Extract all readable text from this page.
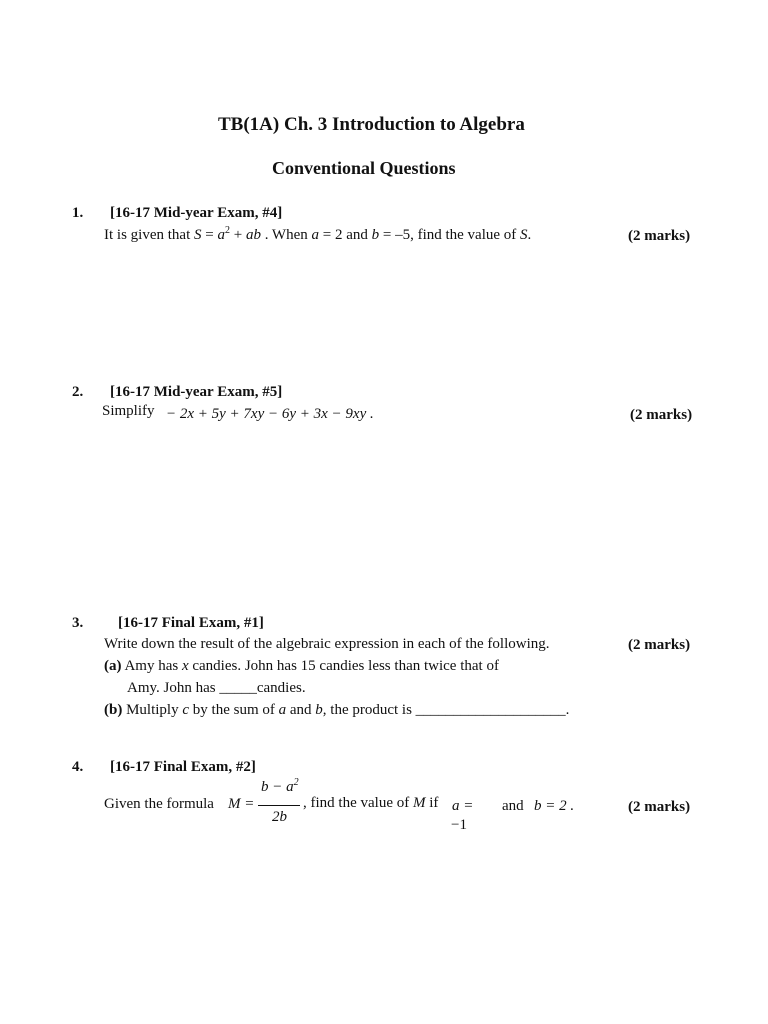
TB(1A) Ch. 3 Introduction to Algebra
Conventional Questions
1. [16-17 Mid-year Exam, #4]
It is given that $S = a^2$ + ab . When a = 2 and b = –5, find the value of S.	(2 marks)
2. [16-17 Mid-year Exam, #5]
Simplify − 2x + 5y + 7xy − 6y + 3x − 9xy .	(2 marks)
3. [16-17 Final Exam, #1]
Write down the result of the algebraic expression in each of the following.	(2 marks)
(a) Amy has x candies. John has 15 candies less than twice that of
Amy. John has _____candies.
(b) Multiply c by the sum of a and b, the product is ____________________.
4. [16-17 Final Exam, #2]
$b - a^2$
Given the formula M =
2b
, find the value of M if a =
−1
and b = 2 .	(2 marks)
